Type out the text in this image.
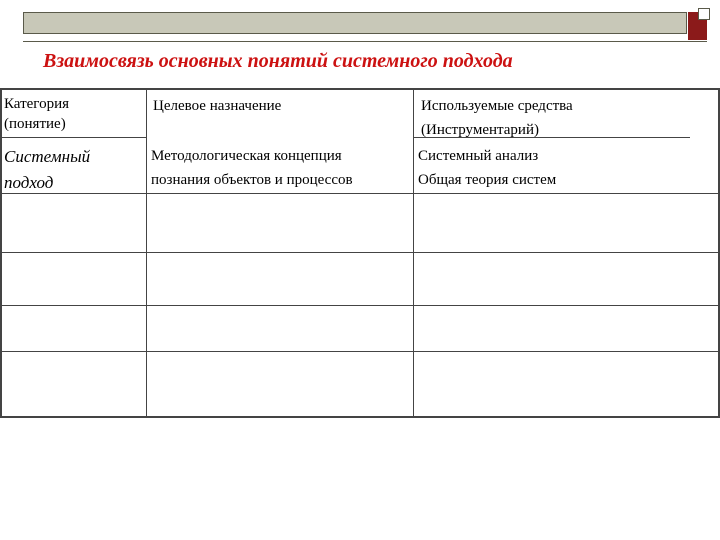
Взаимосвязь основных понятий системного подхода
Категория
(понятие)
Целевое назначение	Используемые средства
(Инструментарий)
Системный
подход
Методологическая концепция
познания объектов и процессов
Системный анализ
Общая теория систем
